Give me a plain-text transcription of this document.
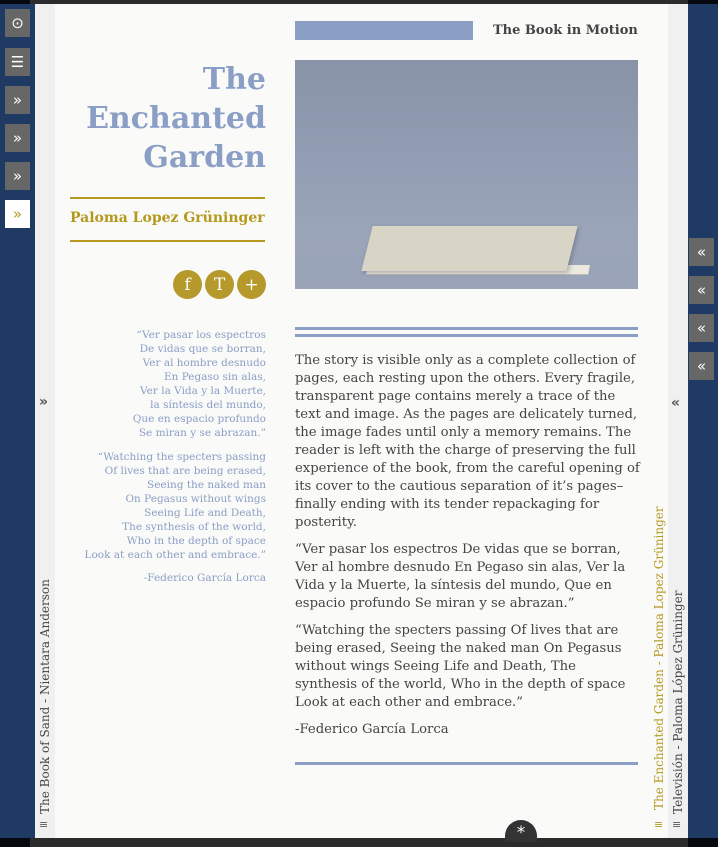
⊙
☰
»
»
»
»
»
The Book of Sand - Nientara Anderson
≡
The
Enchanted
Garden
Paloma Lopez Grüninger
f	T	+
“Ver pasar los espectros
De vidas que se borran,
Ver al hombre desnudo
En Pegaso sin alas,
Ver la Vida y la Muerte,
la síntesis del mundo,
Que en espacio profundo
Se miran y se abrazan.”
“Watching the specters passing
Of lives that are being erased,
Seeing the naked man
On Pegasus without wings
Seeing Life and Death,
The synthesis of the world,
Who in the depth of space
Look at each other and embrace.”
-Federico García Lorca
The Book in Motion

The story is visible only as a complete collection of pages, each resting upon the others. Every fragile, transparent page contains merely a trace of the text and image. As the pages are delicately turned, the image fades until only a memory remains. The reader is left with the charge of preserving the full experience of the book, from the careful opening of its cover to the cautious separation of it’s pages– finally ending with its tender repackaging for posterity.

“Ver pasar los espectros De vidas que se borran, Ver al hombre desnudo En Pegaso sin alas, Ver la Vida y la Muerte, la síntesis del mundo, Que en espacio profundo Se miran y se abrazan.”

“Watching the specters passing Of lives that are being erased, Seeing the naked man On Pegasus without wings Seeing Life and Death, The synthesis of the world, Who in the depth of space Look at each other and embrace.”

-Federico García Lorca	The Enchanted Garden - Paloma Lopez Grüninger
≡
«
Televisión - Paloma López Grüninger
≡
«
«
«
«
*
